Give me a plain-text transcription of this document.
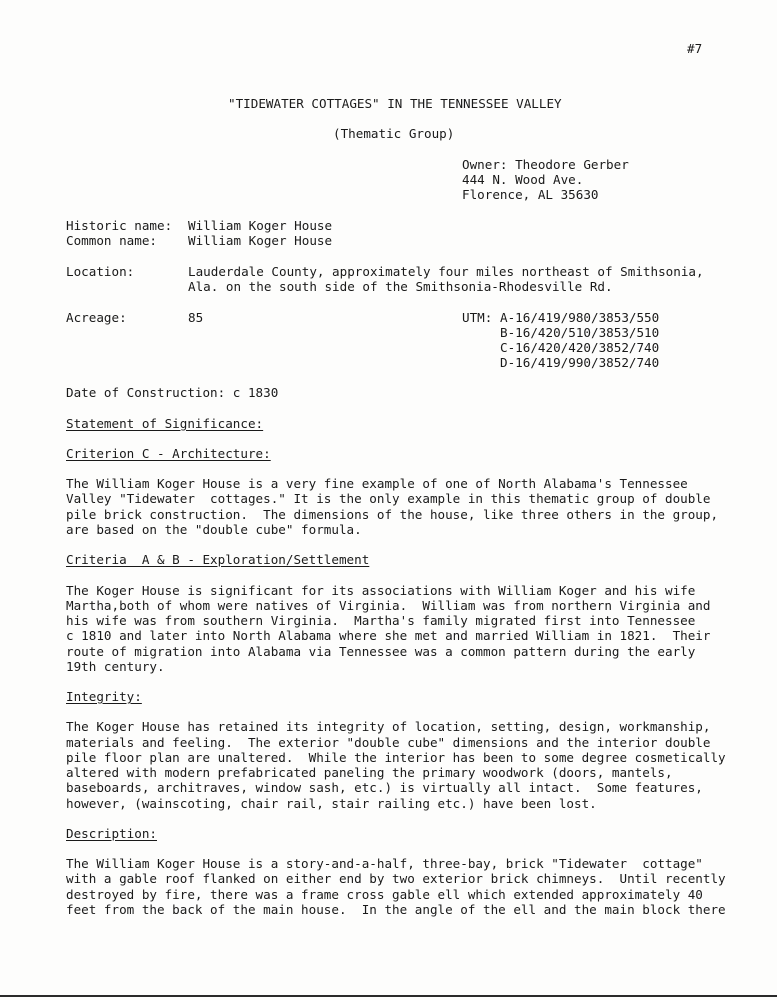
#7
"TIDEWATER COTTAGES" IN THE TENNESSEE VALLEY
(Thematic Group)
Owner: Theodore Gerber
444 N. Wood Ave.
Florence, AL 35630
Historic name: William Koger House
Common name: William Koger House
Location:	Lauderdale County, approximately four miles northeast of Smithsonia,
Ala. on the south side of the Smithsonia-Rhodesville Rd.
Acreage:	85	UTM: A-16/419/980/3853/550
B-16/420/510/3853/510
C-16/420/420/3852/740
D-16/419/990/3852/740
Date of Construction: c 1830
Statement of Significance:
Criterion C - Architecture:
The William Koger House is a very fine example of one of North Alabama's Tennessee
Valley "Tidewater  cottages." It is the only example in this thematic group of double
pile brick construction.  The dimensions of the house, like three others in the group,
are based on the "double cube" formula.
Criteria  A & B - Exploration/Settlement
The Koger House is significant for its associations with William Koger and his wife
Martha,both of whom were natives of Virginia.  William was from northern Virginia and
his wife was from southern Virginia.  Martha's family migrated first into Tennessee
c 1810 and later into North Alabama where she met and married William in 1821.  Their
route of migration into Alabama via Tennessee was a common pattern during the early
19th century.
Integrity:
The Koger House has retained its integrity of location, setting, design, workmanship,
materials and feeling.  The exterior "double cube" dimensions and the interior double
pile floor plan are unaltered.  While the interior has been to some degree cosmetically
altered with modern prefabricated paneling the primary woodwork (doors, mantels,
baseboards, architraves, window sash, etc.) is virtually all intact.  Some features,
however, (wainscoting, chair rail, stair railing etc.) have been lost.
Description:
The William Koger House is a story-and-a-half, three-bay, brick "Tidewater  cottage"
with a gable roof flanked on either end by two exterior brick chimneys.  Until recently
destroyed by fire, there was a frame cross gable ell which extended approximately 40
feet from the back of the main house.  In the angle of the ell and the main block there
